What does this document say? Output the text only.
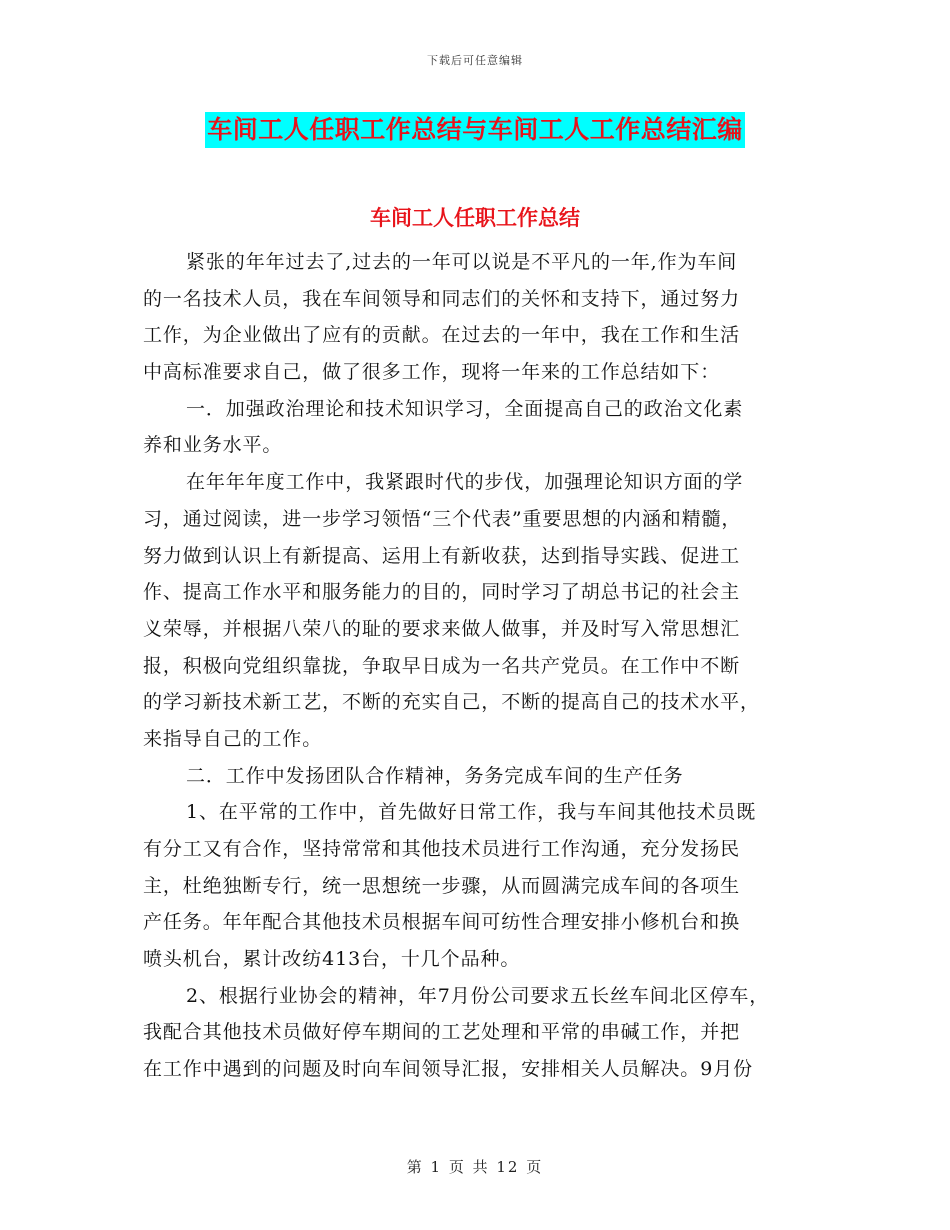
下载后可任意编辑
车间工人任职工作总结与车间工人工作总结汇编
车间工人任职工作总结
紧张的年年过去了,过去的一年可以说是不平凡的一年,作为车间
的一名技术人员，我在车间领导和同志们的关怀和支持下，通过努力
工作，为企业做出了应有的贡献。在过去的一年中，我在工作和生活
中高标准要求自己，做了很多工作，现将一年来的工作总结如下：
一．加强政治理论和技术知识学习，全面提高自己的政治文化素
养和业务水平。
在年年年度工作中，我紧跟时代的步伐，加强理论知识方面的学
习，通过阅读，进一步学习领悟“三个代表”重要思想的内涵和精髓，
努力做到认识上有新提高、运用上有新收获，达到指导实践、促进工
作、提高工作水平和服务能力的目的，同时学习了胡总书记的社会主
义荣辱，并根据八荣八的耻的要求来做人做事，并及时写入常思想汇
报，积极向党组织靠拢，争取早日成为一名共产党员。在工作中不断
的学习新技术新工艺，不断的充实自己，不断的提高自己的技术水平，
来指导自己的工作。
二．工作中发扬团队合作精神，务务完成车间的生产任务
1、在平常的工作中，首先做好日常工作，我与车间其他技术员既
有分工又有合作，坚持常常和其他技术员进行工作沟通，充分发扬民
主，杜绝独断专行，统一思想统一步骤，从而圆满完成车间的各项生
产任务。年年配合其他技术员根据车间可纺性合理安排小修机台和换
喷头机台，累计改纺413台，十几个品种。
2、根据行业协会的精神，年7月份公司要求五长丝车间北区停车，
我配合其他技术员做好停车期间的工艺处理和平常的串碱工作，并把
在工作中遇到的问题及时向车间领导汇报，安排相关人员解决。9月份
第 1 页 共 12 页
